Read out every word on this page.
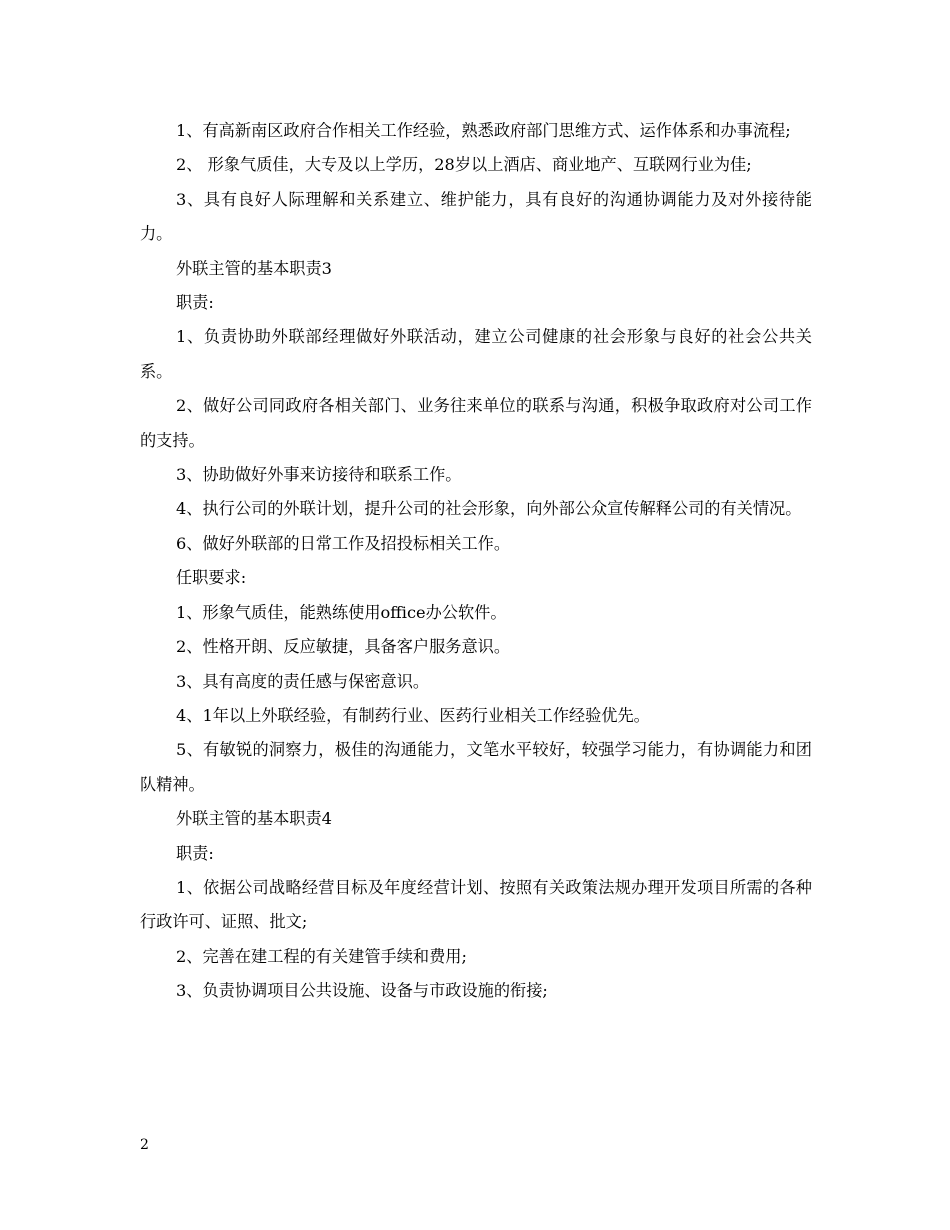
1、有高新南区政府合作相关工作经验，熟悉政府部门思维方式、运作体系和办事流程;

2、 形象气质佳，大专及以上学历，28岁以上酒店、商业地产、互联网行业为佳;

3、具有良好人际理解和关系建立、维护能力，具有良好的沟通协调能力及对外接待能力。

外联主管的基本职责3

职责:

1、负责协助外联部经理做好外联活动，建立公司健康的社会形象与良好的社会公共关系。

2、做好公司同政府各相关部门、业务往来单位的联系与沟通，积极争取政府对公司工作的支持。

3、协助做好外事来访接待和联系工作。

4、执行公司的外联计划，提升公司的社会形象，向外部公众宣传解释公司的有关情况。

6、做好外联部的日常工作及招投标相关工作。

任职要求:

1、形象气质佳，能熟练使用office办公软件。

2、性格开朗、反应敏捷，具备客户服务意识。

3、具有高度的责任感与保密意识。

4、1年以上外联经验，有制药行业、医药行业相关工作经验优先。

5、有敏锐的洞察力，极佳的沟通能力，文笔水平较好，较强学习能力，有协调能力和团队精神。

外联主管的基本职责4

职责:

1、依据公司战略经营目标及年度经营计划、按照有关政策法规办理开发项目所需的各种行政许可、证照、批文;

2、完善在建工程的有关建管手续和费用;

3、负责协调项目公共设施、设备与市政设施的衔接;

2
